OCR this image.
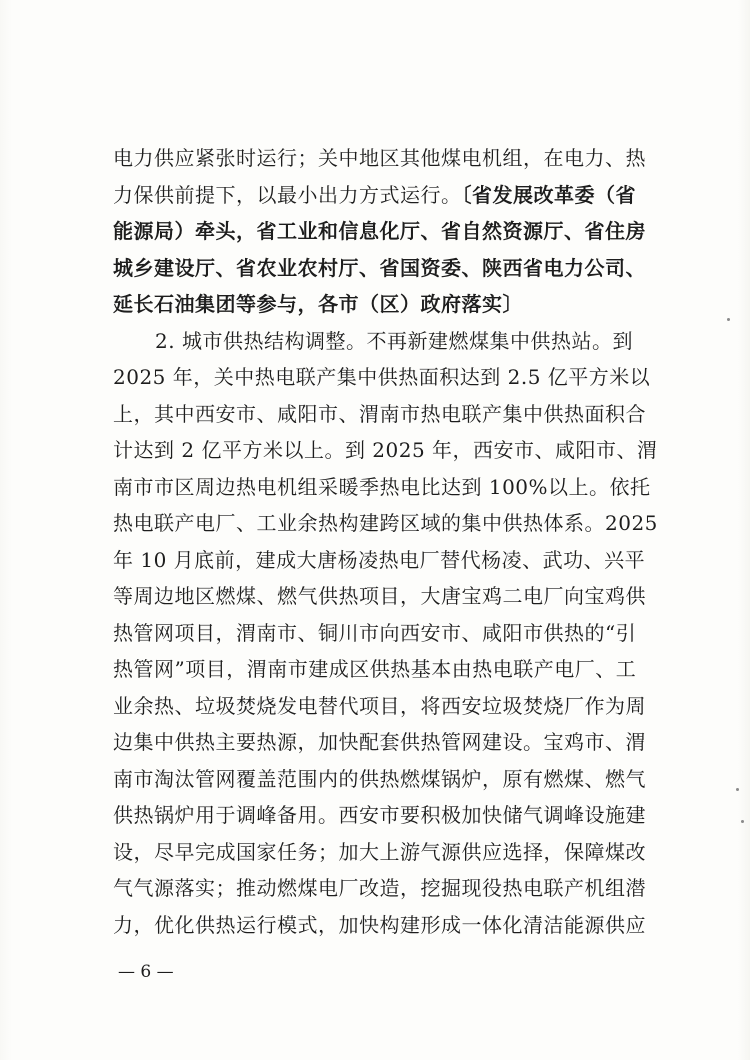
电力供应紧张时运行；关中地区其他煤电机组，在电力、热
力保供前提下，以最小出力方式运行。〔省发展改革委（省
能源局）牵头，省工业和信息化厅、省自然资源厅、省住房
城乡建设厅、省农业农村厅、省国资委、陕西省电力公司、
延长石油集团等参与，各市（区）政府落实〕
2. 城市供热结构调整。不再新建燃煤集中供热站。到
2025 年，关中热电联产集中供热面积达到 2.5 亿平方米以
上，其中西安市、咸阳市、渭南市热电联产集中供热面积合
计达到 2 亿平方米以上。到 2025 年，西安市、咸阳市、渭
南市市区周边热电机组采暖季热电比达到 100%以上。依托
热电联产电厂、工业余热构建跨区域的集中供热体系。2025
年 10 月底前，建成大唐杨凌热电厂替代杨凌、武功、兴平
等周边地区燃煤、燃气供热项目，大唐宝鸡二电厂向宝鸡供
热管网项目，渭南市、铜川市向西安市、咸阳市供热的“引
热管网”项目，渭南市建成区供热基本由热电联产电厂、工
业余热、垃圾焚烧发电替代项目，将西安垃圾焚烧厂作为周
边集中供热主要热源，加快配套供热管网建设。宝鸡市、渭
南市淘汰管网覆盖范围内的供热燃煤锅炉，原有燃煤、燃气
供热锅炉用于调峰备用。西安市要积极加快储气调峰设施建
设，尽早完成国家任务；加大上游气源供应选择，保障煤改
气气源落实；推动燃煤电厂改造，挖掘现役热电联产机组潜
力，优化供热运行模式，加快构建形成一体化清洁能源供应
— 6 —
